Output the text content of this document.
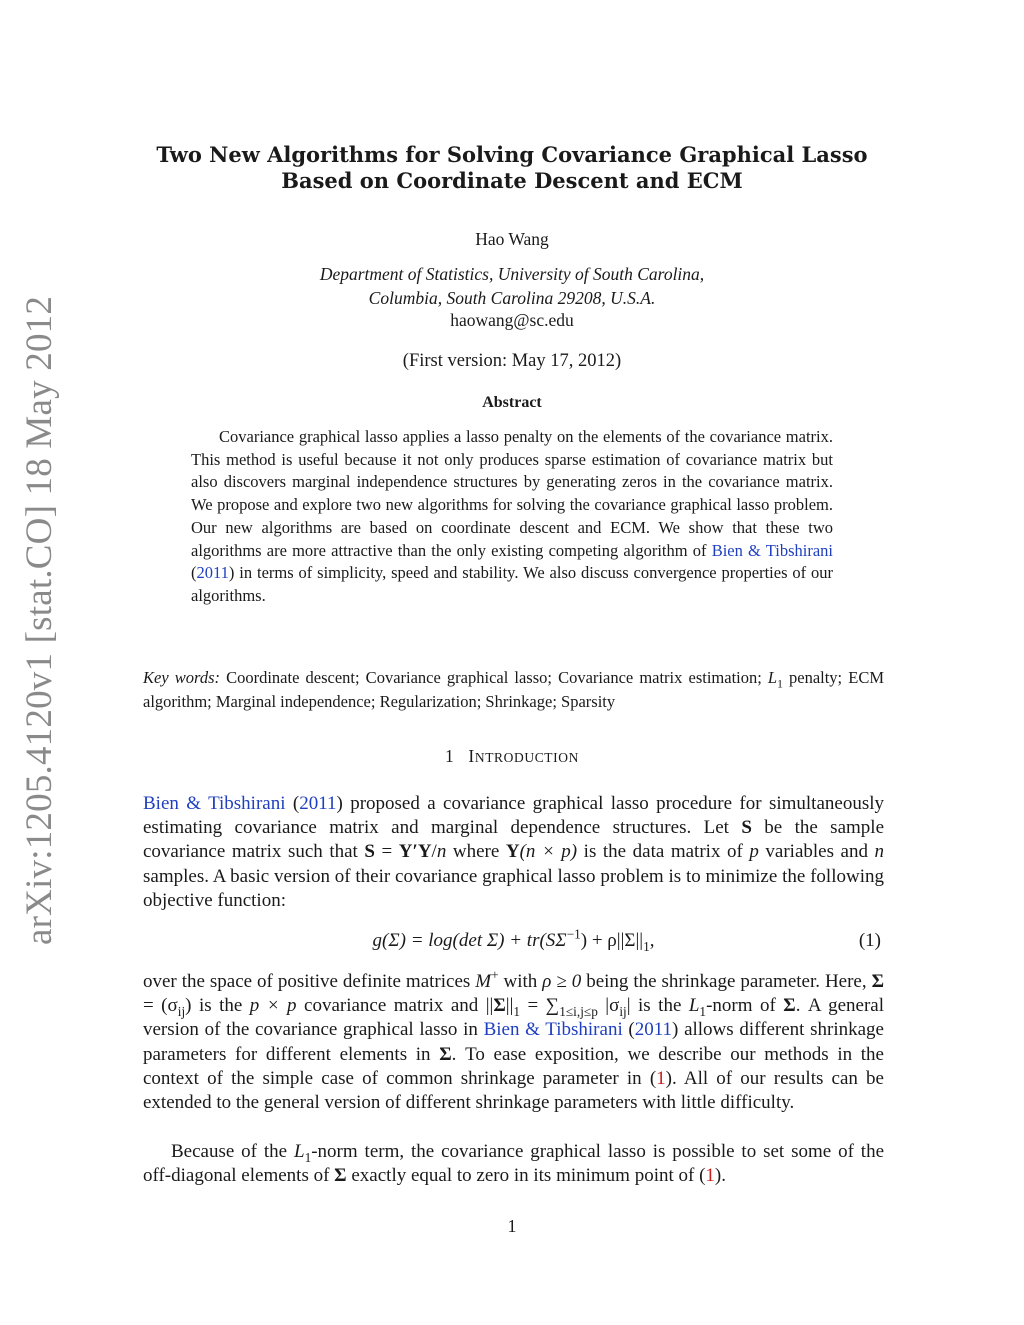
arXiv:1205.4120v1 [stat.CO] 18 May 2012
Two New Algorithms for Solving Covariance Graphical Lasso
Based on Coordinate Descent and ECM
Hao Wang
Department of Statistics, University of South Carolina,
Columbia, South Carolina 29208, U.S.A.
haowang@sc.edu
(First version: May 17, 2012)
Abstract
Covariance graphical lasso applies a lasso penalty on the elements of the covariance matrix. This method is useful because it not only produces sparse estimation of covariance matrix but also discovers marginal independence structures by generating zeros in the covariance matrix. We propose and explore two new algorithms for solving the covariance graphical lasso problem. Our new algorithms are based on coordinate descent and ECM. We show that these two algorithms are more attractive than the only existing competing algorithm of Bien & Tibshirani (2011) in terms of simplicity, speed and stability. We also discuss convergence properties of our algorithms.
Key words: Coordinate descent; Covariance graphical lasso; Covariance matrix estimation; $L_1$ penalty; ECM algorithm; Marginal independence; Regularization; Shrinkage; Sparsity
1 INTRODUCTION

Bien & Tibshirani (2011) proposed a covariance graphical lasso procedure for simultaneously estimating covariance matrix and marginal dependence structures. Let S be the sample covariance matrix such that S = Y′Y/n where Y(n × p) is the data matrix of p variables and n samples. A basic version of their covariance graphical lasso problem is to minimize the following objective function:

g(Σ) = log(det $\Sigma) + tr(S\Sigma^{-1}) + \rho||\Sigma||_1$,	(1)

over the space of positive definite matrices M+ with ρ ≥ 0 being the shrinkage parameter. Here, $\Sigma = (\sigma_{ij})$ is the p × p covariance matrix and $||\Sigma||_1 = \sum_{1\le i,j\le p}$ $|\sigma_{ij}|$ is the $L_1$-norm of Σ. A general version of the covariance graphical lasso in Bien & Tibshirani (2011) allows different shrinkage parameters for different elements in Σ. To ease exposition, we describe our methods in the context of the simple case of common shrinkage parameter in (1). All of our results can be extended to the general version of different shrinkage parameters with little difficulty.

Because of the $L_1$-norm term, the covariance graphical lasso is possible to set some of the off-diagonal elements of Σ exactly equal to zero in its minimum point of (1).

1
